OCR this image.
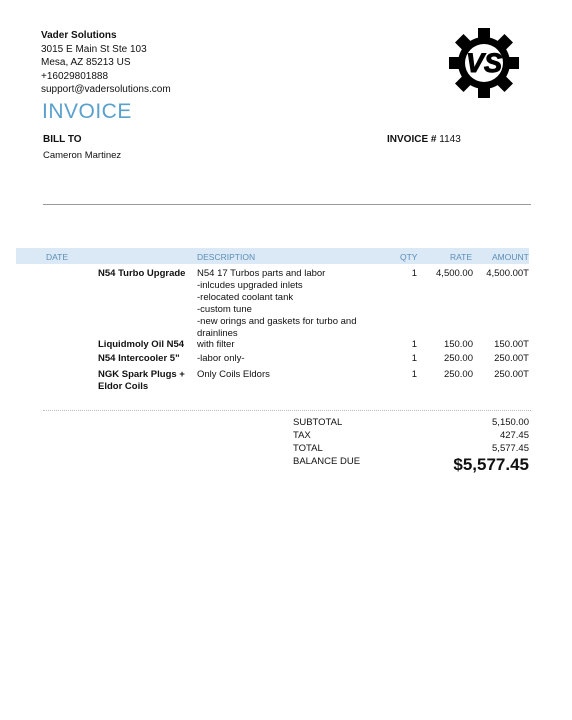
Vader Solutions
3015 E Main St Ste 103
Mesa, AZ 85213 US
+16029801888
support@vadersolutions.com
VS
INVOICE
BILL TO
Cameron Martinez
INVOICE # 1143
DATE	DESCRIPTION	QTY	RATE AMOUNT
N54 Turbo Upgrade	N54 17 Turbos parts and labor
-inlcudes upgraded inlets
-relocated coolant tank
-custom tune
-new orings and gaskets for turbo and drainlines
1	4,500.00	4,500.00T
Liquidmoly Oil N54	with filter	1	150.00	150.00T
N54 Intercooler 5"	-labor only-	1	250.00	250.00T
NGK Spark Plugs +
Eldor Coils
Only Coils Eldors	1	250.00	250.00T
SUBTOTAL	5,150.00
TAX	427.45
TOTAL	5,577.45
BALANCE DUE	$5,577.45
